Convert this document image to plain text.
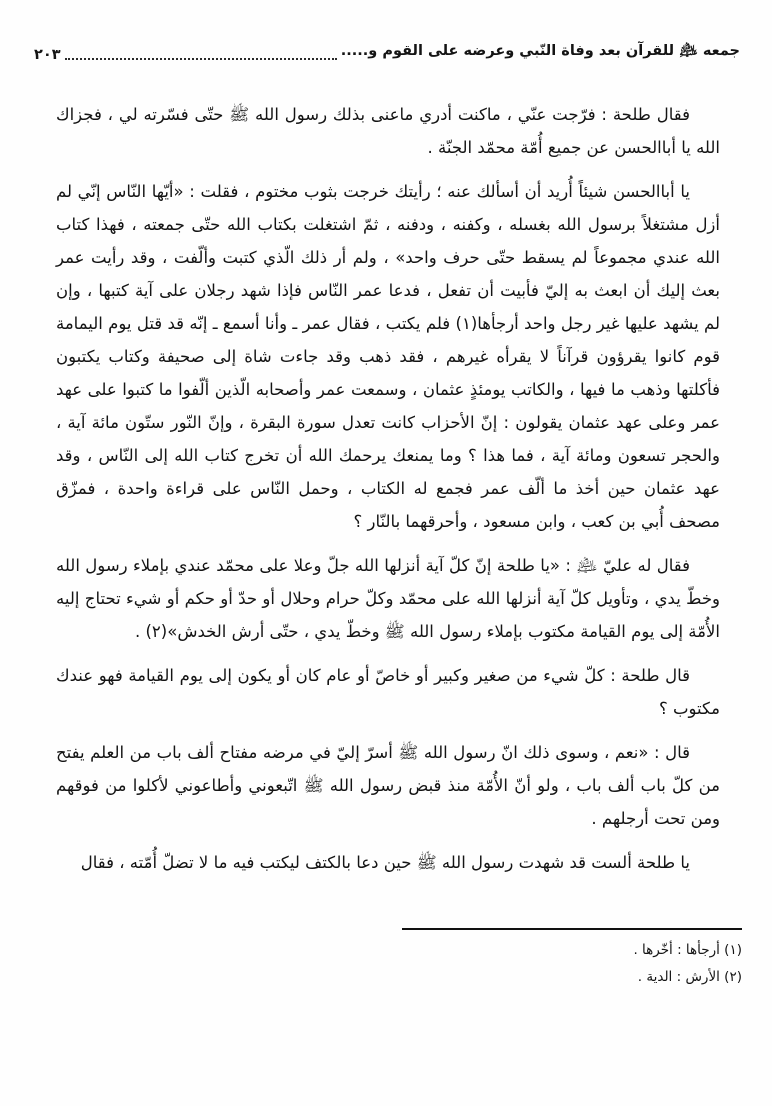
جمعه ﵇ للقرآن بعد وفاة النّبي وعرضه على القوم و.....
٢٠٣

فقال طلحة : فرّجت عنّي ، ماكنت أدري ماعنى بذلك رسول الله ﷺ حتّى فسّرته لي ، فجزاك الله يا أباالحسن عن جميع أُمّة محمّد الجنّة .

يا أباالحسن شيئاً أُريد أن أسألك عنه ؛ رأيتك خرجت بثوب مختوم ، فقلت : «أيّها النّاس إنّي لم أزل مشتغلاً برسول الله بغسله ، وكفنه ، ودفنه ، ثمّ اشتغلت بكتاب الله حتّى جمعته ، فهذا كتاب الله عندي مجموعاً لم يسقط حتّى حرف واحد» ، ولم أر ذلك الّذي كتبت وألّفت ، وقد رأيت عمر بعث إليك أن ابعث به إليّ فأبيت أن تفعل ، فدعا عمر النّاس فإذا شهد رجلان على آية كتبها ، وإن لم يشهد عليها غير رجل واحد أرجأها(١) فلم يكتب ، فقال عمر ـ وأنا أسمع ـ إنّه قد قتل يوم اليمامة قوم كانوا يقرؤون قرآناً لا يقرأه غيرهم ، فقد ذهب وقد جاءت شاة إلى صحيفة وكتاب يكتبون فأكلتها وذهب ما فيها ، والكاتب يومئذٍ عثمان ، وسمعت عمر وأصحابه الّذين ألّفوا ما كتبوا على عهد عمر وعلى عهد عثمان يقولون : إنّ الأحزاب كانت تعدل سورة البقرة ، وإنّ النّور ستّون مائة آية ، والحجر تسعون ومائة آية ، فما هذا ؟ وما يمنعك يرحمك الله أن تخرج كتاب الله إلى النّاس ، وقد عهد عثمان حين أخذ ما ألّف عمر فجمع له الكتاب ، وحمل النّاس على قراءة واحدة ، فمزّق مصحف أُبي بن كعب ، وابن مسعود ، وأحرقهما بالنّار ؟

فقال له عليّ ﵇ : «يا طلحة إنّ كلّ آية أنزلها الله جلّ وعلا على محمّد عندي بإملاء رسول الله وخطّ يدي ، وتأويل كلّ آية أنزلها الله على محمّد وكلّ حرام وحلال أو حدّ أو حكم أو شيء تحتاج إليه الأُمّة إلى يوم القيامة مكتوب بإملاء رسول الله ﷺ وخطّ يدي ، حتّى أرش الخدش»(٢) .

قال طلحة : كلّ شيء من صغير وكبير أو خاصّ أو عام كان أو يكون إلى يوم القيامة فهو عندك مكتوب ؟

قال : «نعم ، وسوى ذلك انّ رسول الله ﷺ أسرّ إليّ في مرضه مفتاح ألف باب من العلم يفتح من كلّ باب ألف باب ، ولو أنّ الأُمّة منذ قبض رسول الله ﷺ اتّبعوني وأطاعوني لأكلوا من فوقهم ومن تحت أرجلهم .

يا طلحة ألست قد شهدت رسول الله ﷺ حين دعا بالكتف ليكتب فيه ما لا تضلّ أُمّته ، فقال

(١) أرجأها : أخّرها .

(٢) الأرش : الدية .
